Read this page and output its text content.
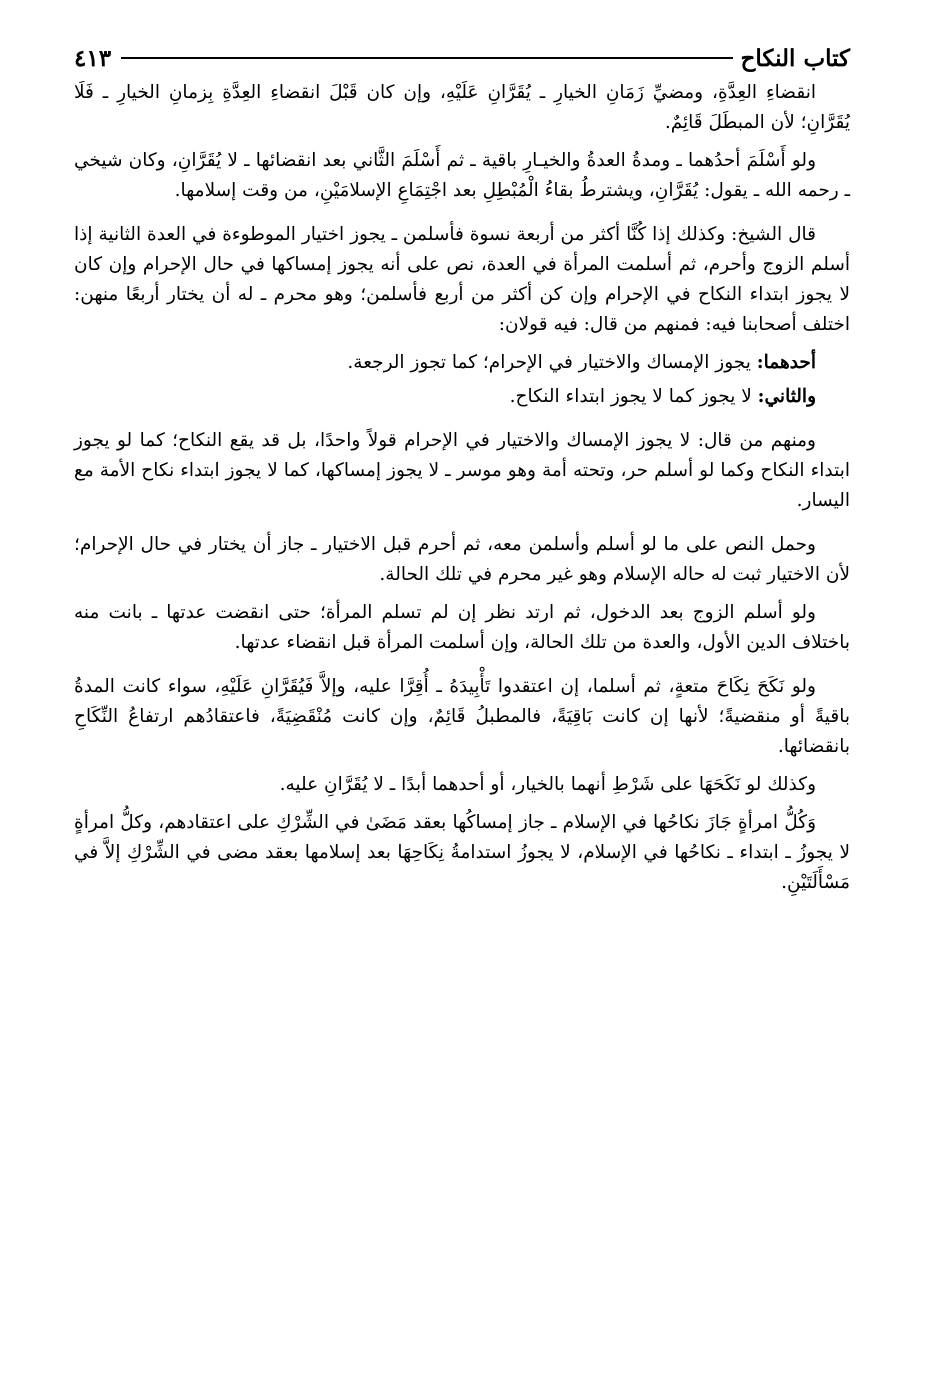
كتاب النكاح
٤١٣

انقضاءِ العِدَّةِ، ومضيِّ زَمَانِ الخيارِ ـ يُقَرَّانِ عَلَيْهِ، وإن كان قَبْلَ انقضاءِ العِدَّةِ بِزمانِ الخيارِ ـ فَلَا يُقَرَّانِ؛ لأن المبطَلَ قَائِمٌ.

ولو أَسْلَمَ أحدُهما ـ ومدةُ العدةُ والخيـارِ باقية ـ ثم أَسْلَمَ الثَّاني بعد انقضائها ـ لا يُقَرَّانِ، وكان شيخي ـ رحمه الله ـ يقول: يُقَرَّانِ، ويشترطُ بقاءُ الْمُبْطِلِ بعد اجْتِمَاعِ الإسلامَيْنِ، من وقت إسلامها.

قال الشيخ: وكذلك إذا كُنَّا أكثر من أربعة نسوة فأسلمن ـ يجوز اختيار الموطوءة في العدة الثانية إذا أسلم الزوج وأحرم، ثم أسلمت المرأة في العدة، نص على أنه يجوز إمساكها في حال الإحرام وإن كان لا يجوز ابتداء النكاح في الإحرام وإن كن أكثر من أربع فأسلمن؛ وهو محرم ـ له أن يختار أربعًا منهن: اختلف أصحابنا فيه: فمنهم من قال: فيه قولان:

أحدهما: يجوز الإمساك والاختيار في الإحرام؛ كما تجوز الرجعة.

والثاني: لا يجوز كما لا يجوز ابتداء النكاح.

ومنهم من قال: لا يجوز الإمساك والاختيار في الإحرام قولاً واحدًا، بل قد يقع النكاح؛ كما لو يجوز ابتداء النكاح وكما لو أسلم حر، وتحته أمة وهو موسر ـ لا يجوز إمساكها، كما لا يجوز ابتداء نكاح الأمة مع اليسار.

وحمل النص على ما لو أسلم وأسلمن معه، ثم أحرم قبل الاختيار ـ جاز أن يختار في حال الإحرام؛ لأن الاختيار ثبت له حاله الإسلام وهو غير محرم في تلك الحالة.

ولو أسلم الزوج بعد الدخول، ثم ارتد نظر إن لم تسلم المرأة؛ حتى انقضت عدتها ـ بانت منه باختلاف الدين الأول، والعدة من تلك الحالة، وإن أسلمت المرأة قبل انقضاء عدتها.

ولو نَكَحَ نِكَاحَ متعةٍ، ثم أسلما، إن اعتقدوا تَأْبِيدَهُ ـ أُقِرَّا عليه، وإلاَّ فَيُقَرَّانِ عَلَيْهِ، سواء كانت المدةُ باقيةً أو منقضيةً؛ لأنها إن كانت بَاقِيَةً، فالمطبلُ قَائِمٌ، وإن كانت مُنْقَضِيَةً، فاعتقادُهم ارتفاعُ النِّكَاحِ بانقضائها.

وكذلك لو نَكَحَهَا على شَرْطِ أنهما بالخيار، أو أحدهما أبدًا ـ لا يُقَرَّانِ عليه.

وَكُلُّ امرأةٍ جَازَ نكاحُها في الإسلام ـ جاز إمساكُها بعقد مَضَىٰ في الشِّرْكِ على اعتقادهم، وكلُّ امرأةٍ لا يجوزُ ـ ابتداء ـ نكاحُها في الإسلام، لا يجوزُ استدامةُ نِكَاحِهَا بعد إسلامها بعقد مضى في الشِّرْكِ إلاَّ في مَسْأَلَتَيْنِ.
